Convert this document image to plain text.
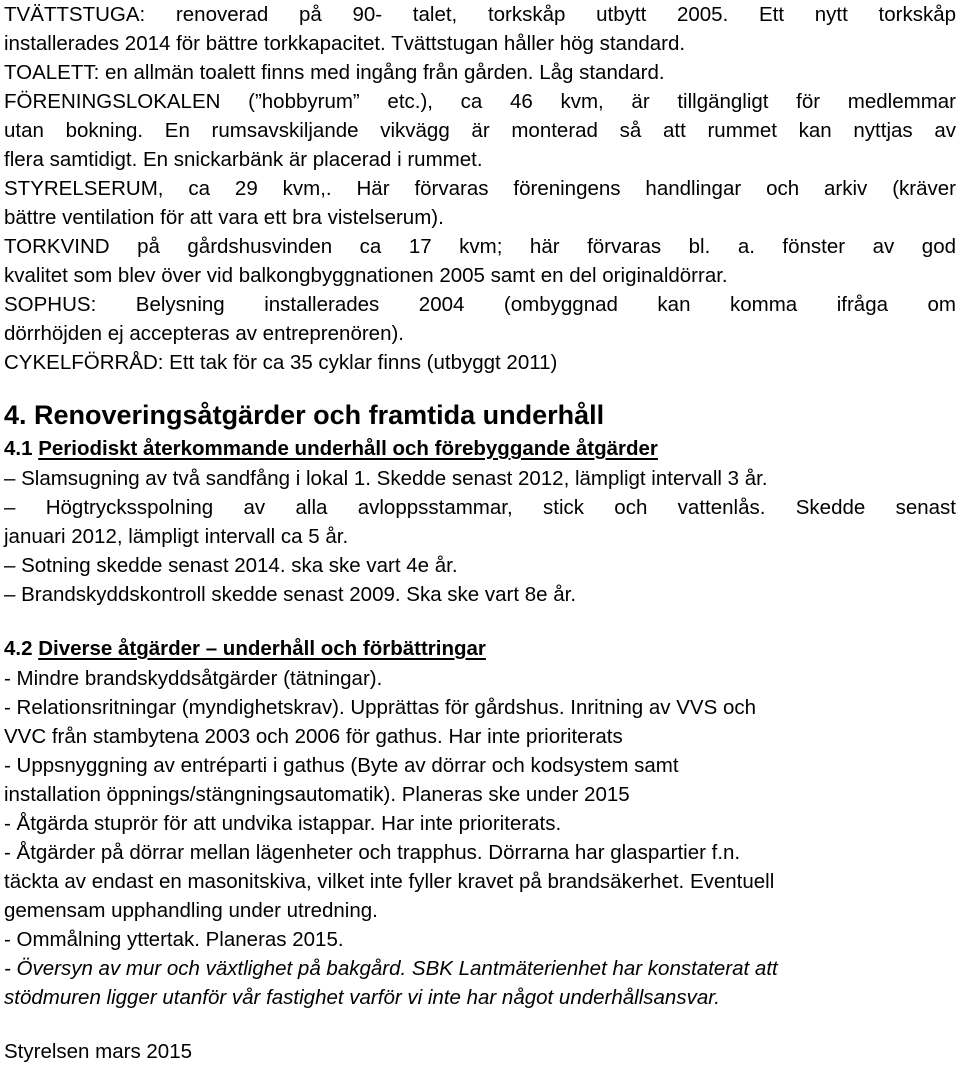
TVÄTTSTUGA: renoverad på 90- talet, torkskåp utbytt 2005. Ett nytt torkskåp
installerades 2014 för bättre torkkapacitet. Tvättstugan håller hög standard.
TOALETT: en allmän toalett finns med ingång från gården. Låg standard.
FÖRENINGSLOKALEN (”hobbyrum” etc.), ca 46 kvm, är tillgängligt för medlemmar
utan bokning. En rumsavskiljande vikvägg är monterad så att rummet kan nyttjas av
flera samtidigt. En snickarbänk är placerad i rummet.
STYRELSERUM, ca 29 kvm,. Här förvaras föreningens handlingar och arkiv (kräver
bättre ventilation för att vara ett bra vistelserum).
TORKVIND på gårdshusvinden ca 17 kvm; här förvaras bl. a. fönster av god
kvalitet som blev över vid balkongbyggnationen 2005 samt en del originaldörrar.
SOPHUS: Belysning installerades 2004 (ombyggnad kan komma ifråga om
dörrhöjden ej accepteras av entreprenören).
CYKELFÖRRÅD: Ett tak för ca 35 cyklar finns (utbyggt 2011)
4. Renoveringsåtgärder och framtida underhåll
4.1 Periodiskt återkommande underhåll och förebyggande åtgärder
– Slamsugning av två sandfång i lokal 1. Skedde senast 2012, lämpligt intervall 3 år.
– Högtrycksspolning av alla avloppsstammar, stick och vattenlås. Skedde senast
januari 2012, lämpligt intervall ca 5 år.
– Sotning skedde senast 2014. ska ske vart 4e år.
– Brandskyddskontroll skedde senast 2009. Ska ske vart 8e år.
4.2 Diverse åtgärder – underhåll och förbättringar
- Mindre brandskyddsåtgärder (tätningar).
- Relationsritningar (myndighetskrav). Upprättas för gårdshus. Inritning av VVS och
VVC från stambytena 2003 och 2006 för gathus. Har inte prioriterats
- Uppsnyggning av entréparti i gathus (Byte av dörrar och kodsystem samt
installation öppnings/stängningsautomatik). Planeras ske under 2015
- Åtgärda stuprör för att undvika istappar. Har inte prioriterats.
- Åtgärder på dörrar mellan lägenheter och trapphus. Dörrarna har glaspartier f.n.
täckta av endast en masonitskiva, vilket inte fyller kravet på brandsäkerhet. Eventuell
gemensam upphandling under utredning.
- Ommålning yttertak. Planeras 2015.
- Översyn av mur och växtlighet på bakgård. SBK Lantmäterienhet har konstaterat att
stödmuren ligger utanför vår fastighet varför vi inte har något underhållsansvar.
Styrelsen mars 2015
